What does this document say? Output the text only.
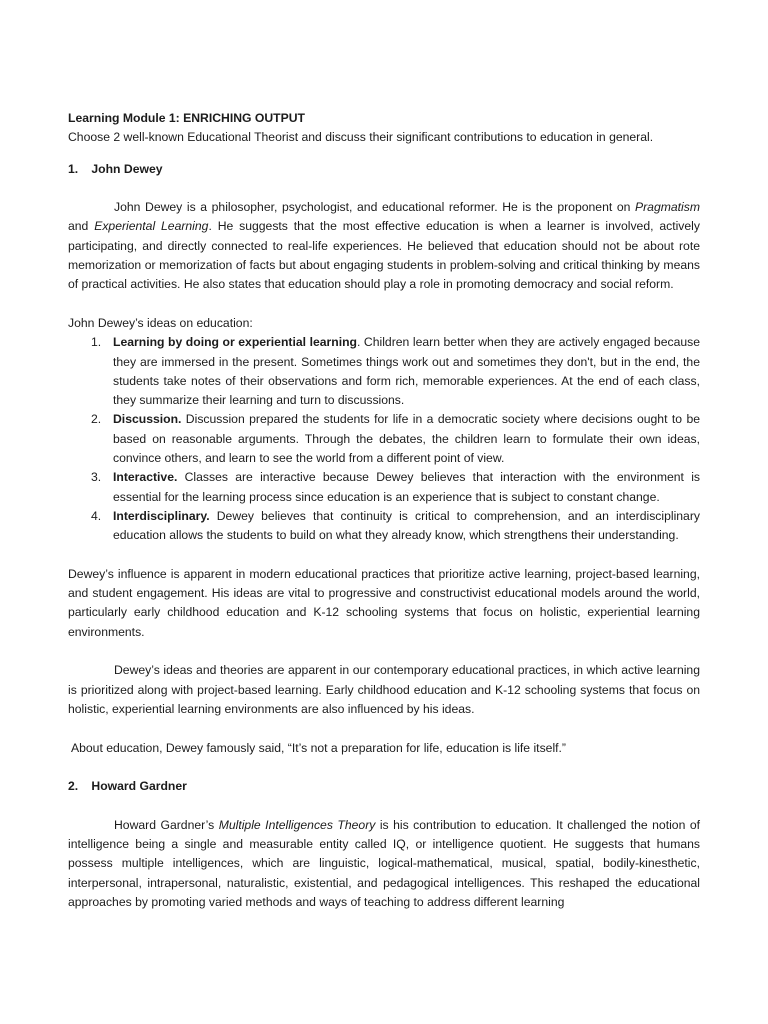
Learning Module 1: ENRICHING OUTPUT

Choose 2 well-known Educational Theorist and discuss their significant contributions to education in general.

1. John Dewey

John Dewey is a philosopher, psychologist, and educational reformer. He is the proponent on Pragmatism and Experiental Learning. He suggests that the most effective education is when a learner is involved, actively participating, and directly connected to real-life experiences. He believed that education should not be about rote memorization or memorization of facts but about engaging students in problem-solving and critical thinking by means of practical activities. He also states that education should play a role in promoting democracy and social reform.

John Dewey’s ideas on education:

1. Learning by doing or experiential learning. Children learn better when they are actively engaged because they are immersed in the present. Sometimes things work out and sometimes they don't, but in the end, the students take notes of their observations and form rich, memorable experiences. At the end of each class, they summarize their learning and turn to discussions.
2. Discussion. Discussion prepared the students for life in a democratic society where decisions ought to be based on reasonable arguments. Through the debates, the children learn to formulate their own ideas, convince others, and learn to see the world from a different point of view.
3. Interactive. Classes are interactive because Dewey believes that interaction with the environment is essential for the learning process since education is an experience that is subject to constant change.
4. Interdisciplinary. Dewey believes that continuity is critical to comprehension, and an interdisciplinary education allows the students to build on what they already know, which strengthens their understanding.

Dewey’s influence is apparent in modern educational practices that prioritize active learning, project-based learning, and student engagement. His ideas are vital to progressive and constructivist educational models around the world, particularly early childhood education and K-12 schooling systems that focus on holistic, experiential learning environments.

Dewey’s ideas and theories are apparent in our contemporary educational practices, in which active learning is prioritized along with project-based learning. Early childhood education and K-12 schooling systems that focus on holistic, experiential learning environments are also influenced by his ideas.

About education, Dewey famously said, “It’s not a preparation for life, education is life itself.”

2. Howard Gardner

Howard Gardner’s Multiple Intelligences Theory is his contribution to education. It challenged the notion of intelligence being a single and measurable entity called IQ, or intelligence quotient. He suggests that humans possess multiple intelligences, which are linguistic, logical-mathematical, musical, spatial, bodily-kinesthetic, interpersonal, intrapersonal, naturalistic, existential, and pedagogical intelligences. This reshaped the educational approaches by promoting varied methods and ways of teaching to address different learning
